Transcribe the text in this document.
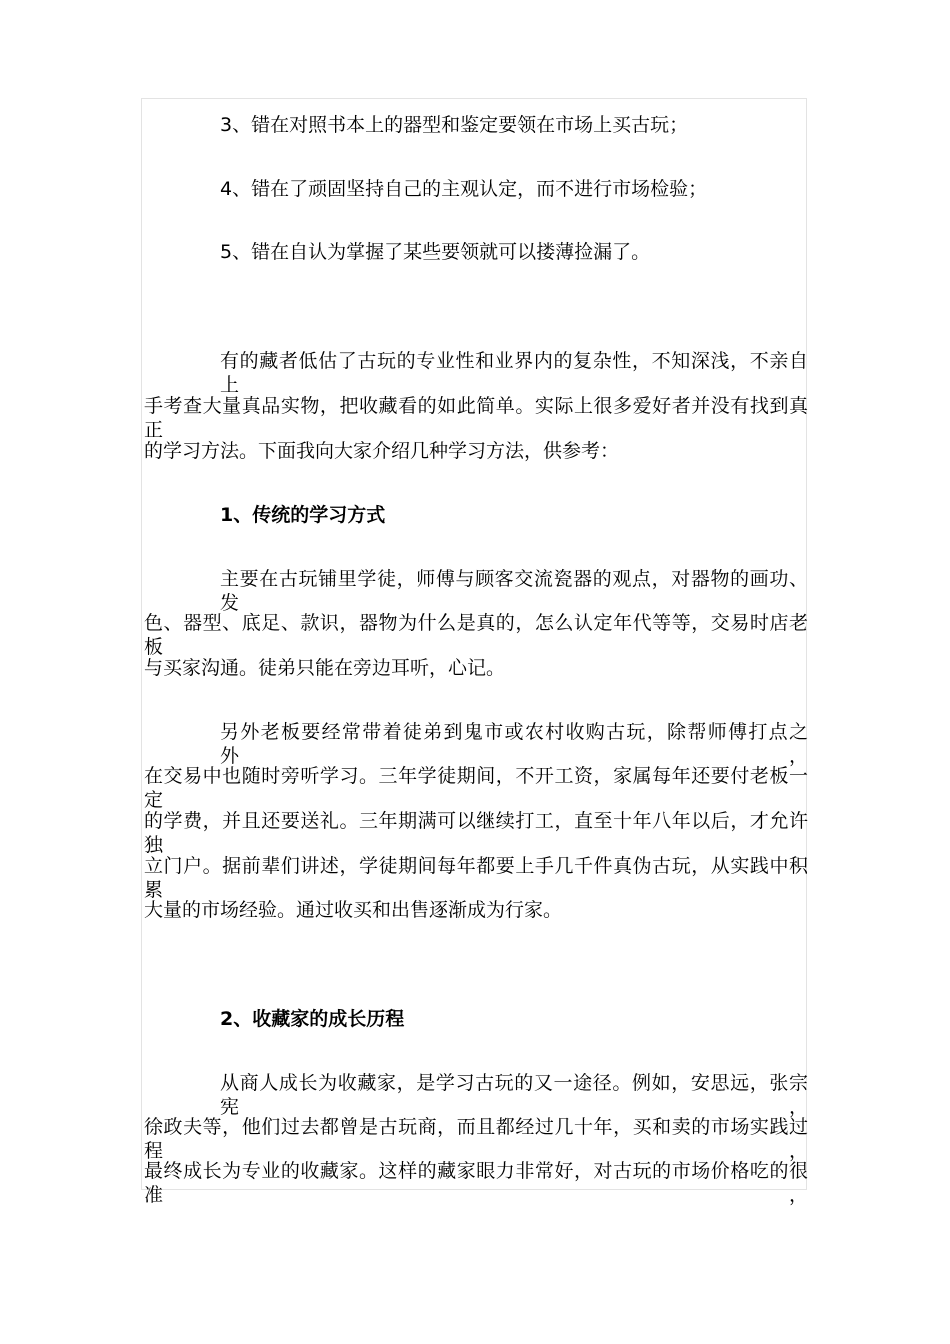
3、错在对照书本上的器型和鉴定要领在市场上买古玩；

4、错在了顽固坚持自己的主观认定，而不进行市场检验；

5、错在自认为掌握了某些要领就可以搂薄捡漏了。

有的藏者低估了古玩的专业性和业界内的复杂性，不知深浅，不亲自上

手考查大量真品实物，把收藏看的如此简单。实际上很多爱好者并没有找到真正

的学习方法。下面我向大家介绍几种学习方法，供参考：

1、传统的学习方式

主要在古玩铺里学徒，师傅与顾客交流瓷器的观点，对器物的画功、发

色、器型、底足、款识，器物为什么是真的，怎么认定年代等等，交易时店老板

与买家沟通。徒弟只能在旁边耳听，心记。

另外老板要经常带着徒弟到鬼市或农村收购古玩，除帮师傅打点之外，

在交易中也随时旁听学习。三年学徒期间，不开工资，家属每年还要付老板一定

的学费，并且还要送礼。三年期满可以继续打工，直至十年八年以后，才允许独

立门户。据前辈们讲述，学徒期间每年都要上手几千件真伪古玩，从实践中积累

大量的市场经验。通过收买和出售逐渐成为行家。

2、收藏家的成长历程

从商人成长为收藏家，是学习古玩的又一途径。例如，安思远，张宗宪，

徐政夫等，他们过去都曾是古玩商，而且都经过几十年，买和卖的市场实践过程，

最终成长为专业的收藏家。这样的藏家眼力非常好，对古玩的市场价格吃的很准，
